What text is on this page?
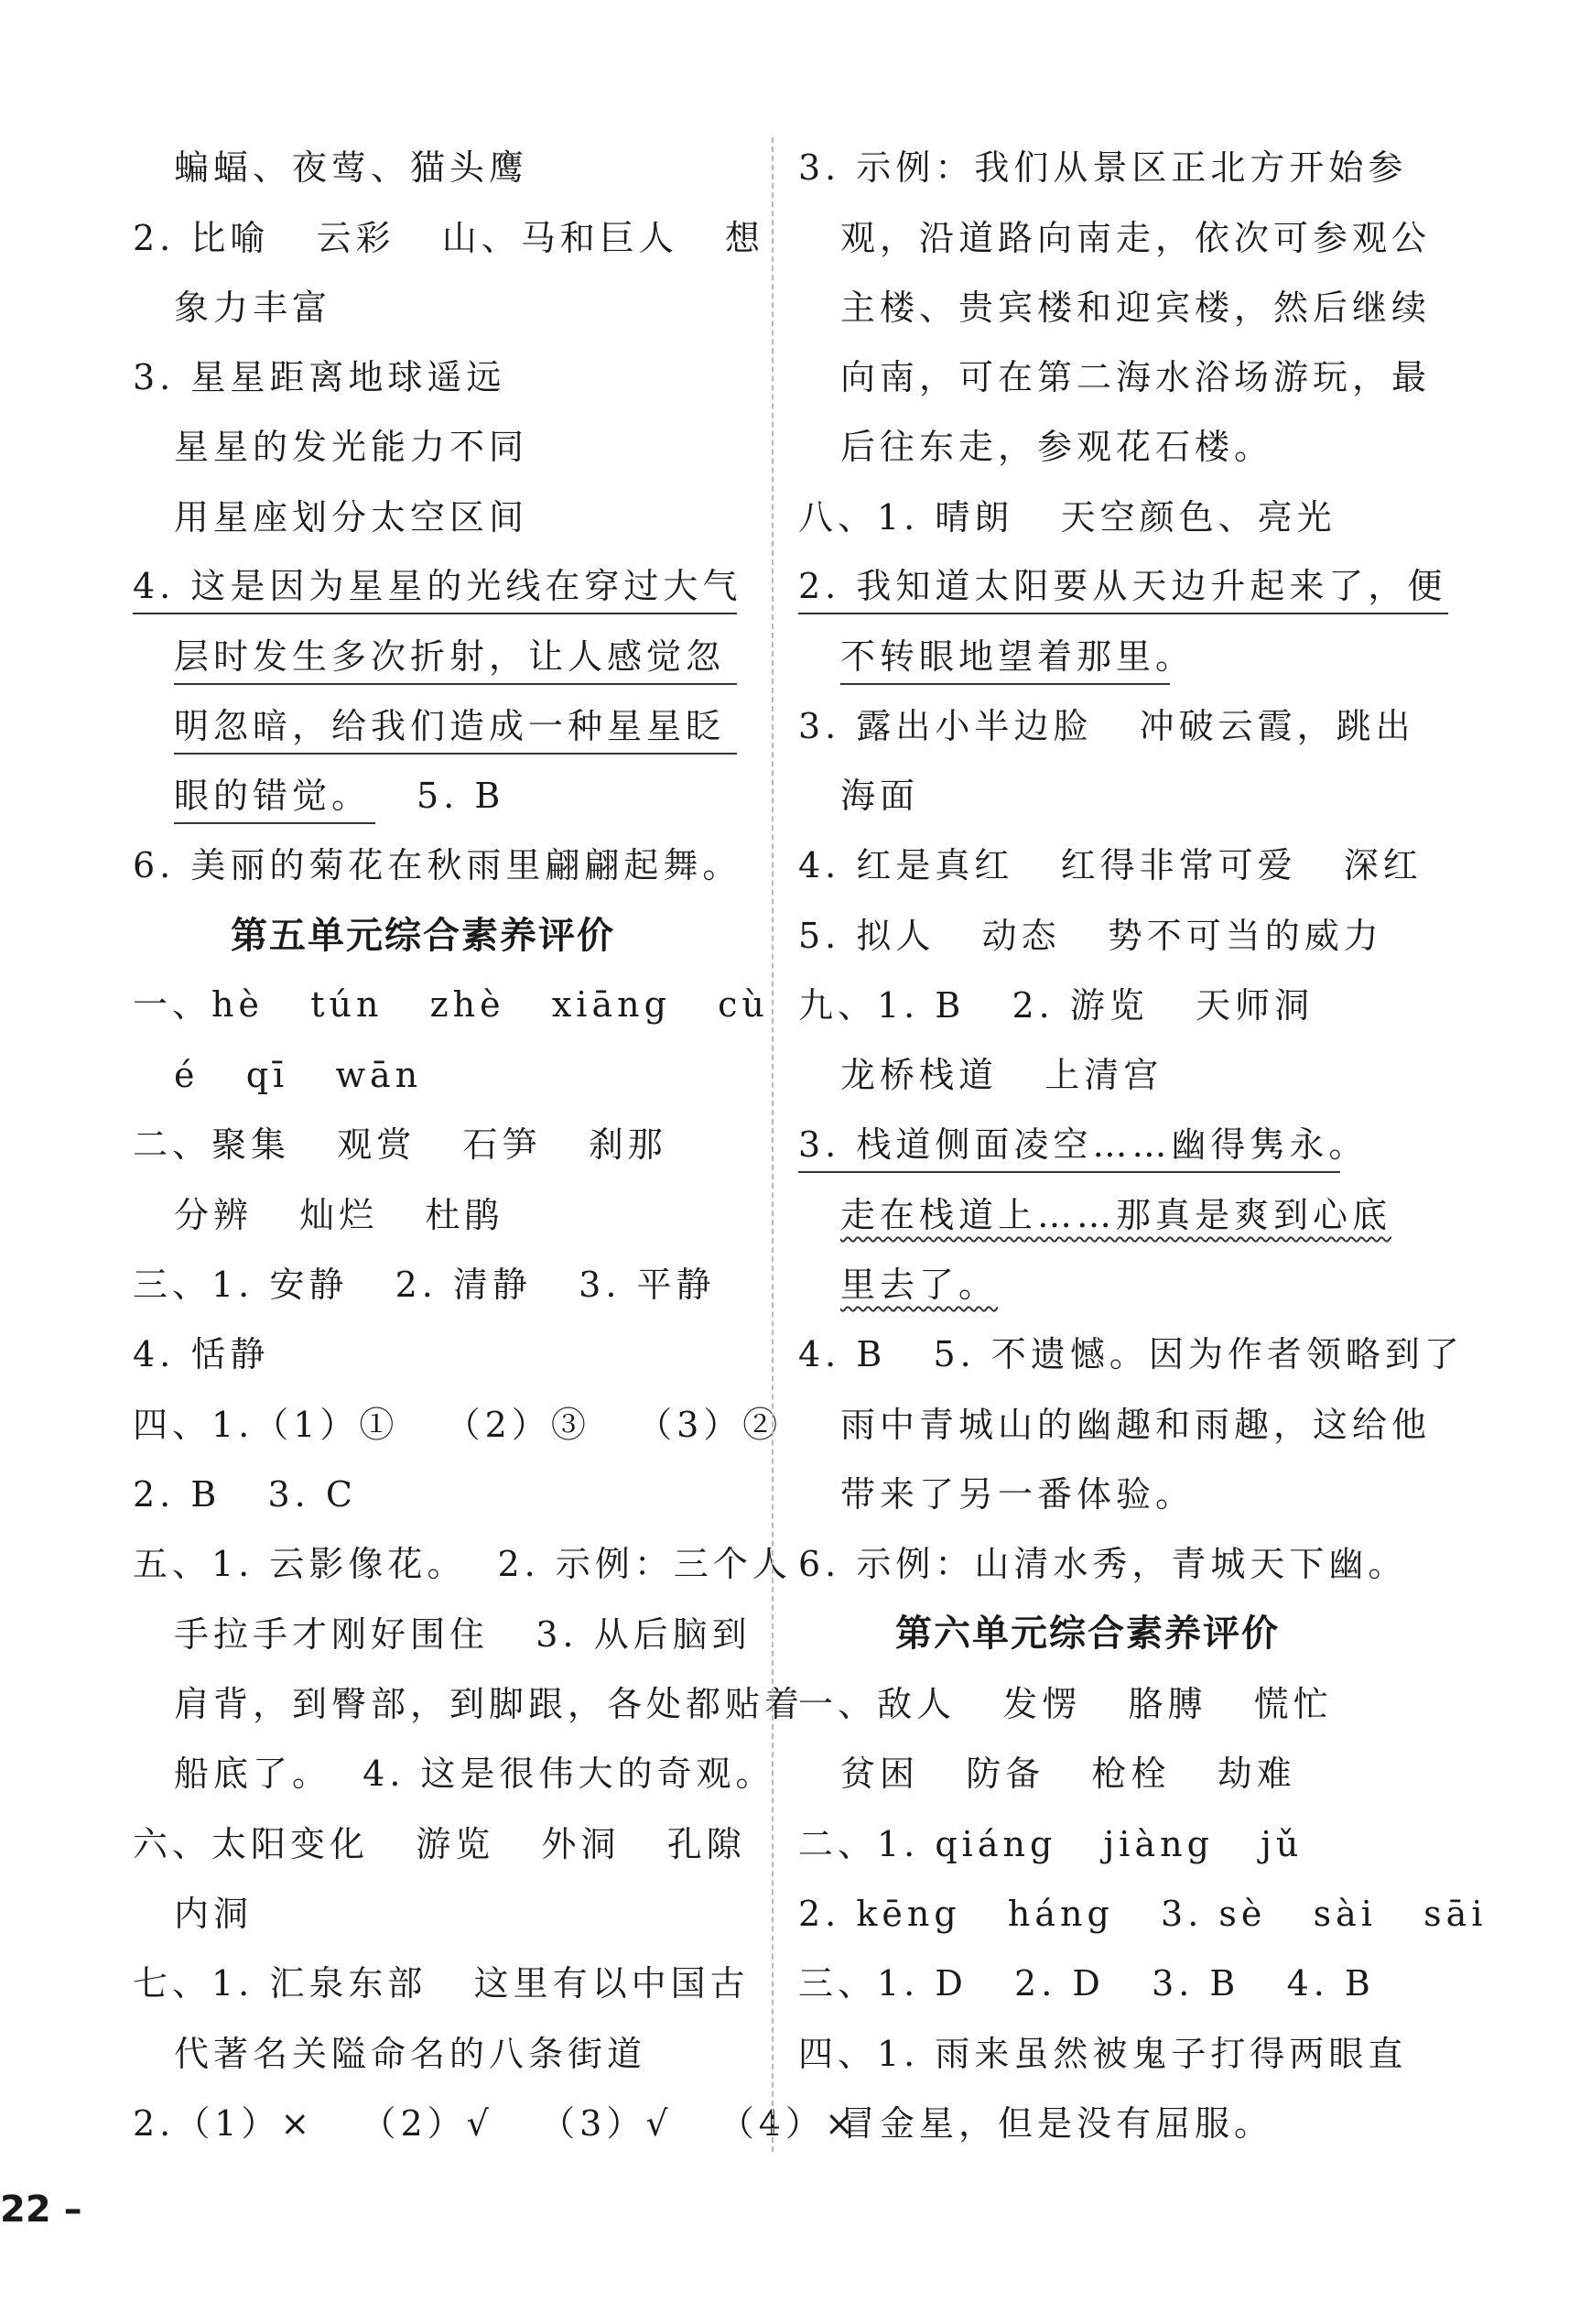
蝙蝠、夜莺、猫头鹰
2. 比喻   云彩   山、马和巨人   想
象力丰富
3. 星星距离地球遥远
星星的发光能力不同
用星座划分太空区间
4. 这是因为星星的光线在穿过大气
层时发生多次折射，让人感觉忽
明忽暗，给我们造成一种星星眨
眼的错觉。 5. B
6. 美丽的菊花在秋雨里翩翩起舞。
第五单元综合素养评价
一、hè   tún   zhè   xiāng   cù
é   qī   wān
二、聚集   观赏   石笋   刹那
分辨   灿烂   杜鹃
三、1. 安静   2. 清静   3. 平静
4. 恬静
四、1.（1）①   （2）③   （3）②
2. B   3. C
五、1. 云影像花。  2. 示例：三个人
手拉手才刚好围住   3. 从后脑到
肩背，到臀部，到脚跟，各处都贴着
船底了。  4. 这是很伟大的奇观。
六、太阳变化   游览   外洞   孔隙
内洞
七、1. 汇泉东部   这里有以中国古
代著名关隘命名的八条街道
2.（1）×   （2）√   （3）√   （4）×
3. 示例：我们从景区正北方开始参
观，沿道路向南走，依次可参观公
主楼、贵宾楼和迎宾楼，然后继续
向南，可在第二海水浴场游玩，最
后往东走，参观花石楼。
八、1. 晴朗   天空颜色、亮光
2. 我知道太阳要从天边升起来了，便
不转眼地望着那里。
3. 露出小半边脸   冲破云霞，跳出
海面
4. 红是真红   红得非常可爱   深红
5. 拟人   动态   势不可当的威力
九、1. B   2. 游览   天师洞
龙桥栈道   上清宫
3. 栈道侧面凌空……幽得隽永。
走在栈道上……那真是爽到心底
里去了。
4. B   5. 不遗憾。因为作者领略到了
雨中青城山的幽趣和雨趣，这给他
带来了另一番体验。
6. 示例：山清水秀，青城天下幽。
第六单元综合素养评价
一、敌人   发愣   胳膊   慌忙
贫困   防备   枪栓   劫难
二、1. qiáng   jiàng   jǔ
2. kēng   háng   3. sè   sài   sāi
三、1. D   2. D   3. B   4. B
四、1. 雨来虽然被鬼子打得两眼直
冒金星，但是没有屈服。
22 –
